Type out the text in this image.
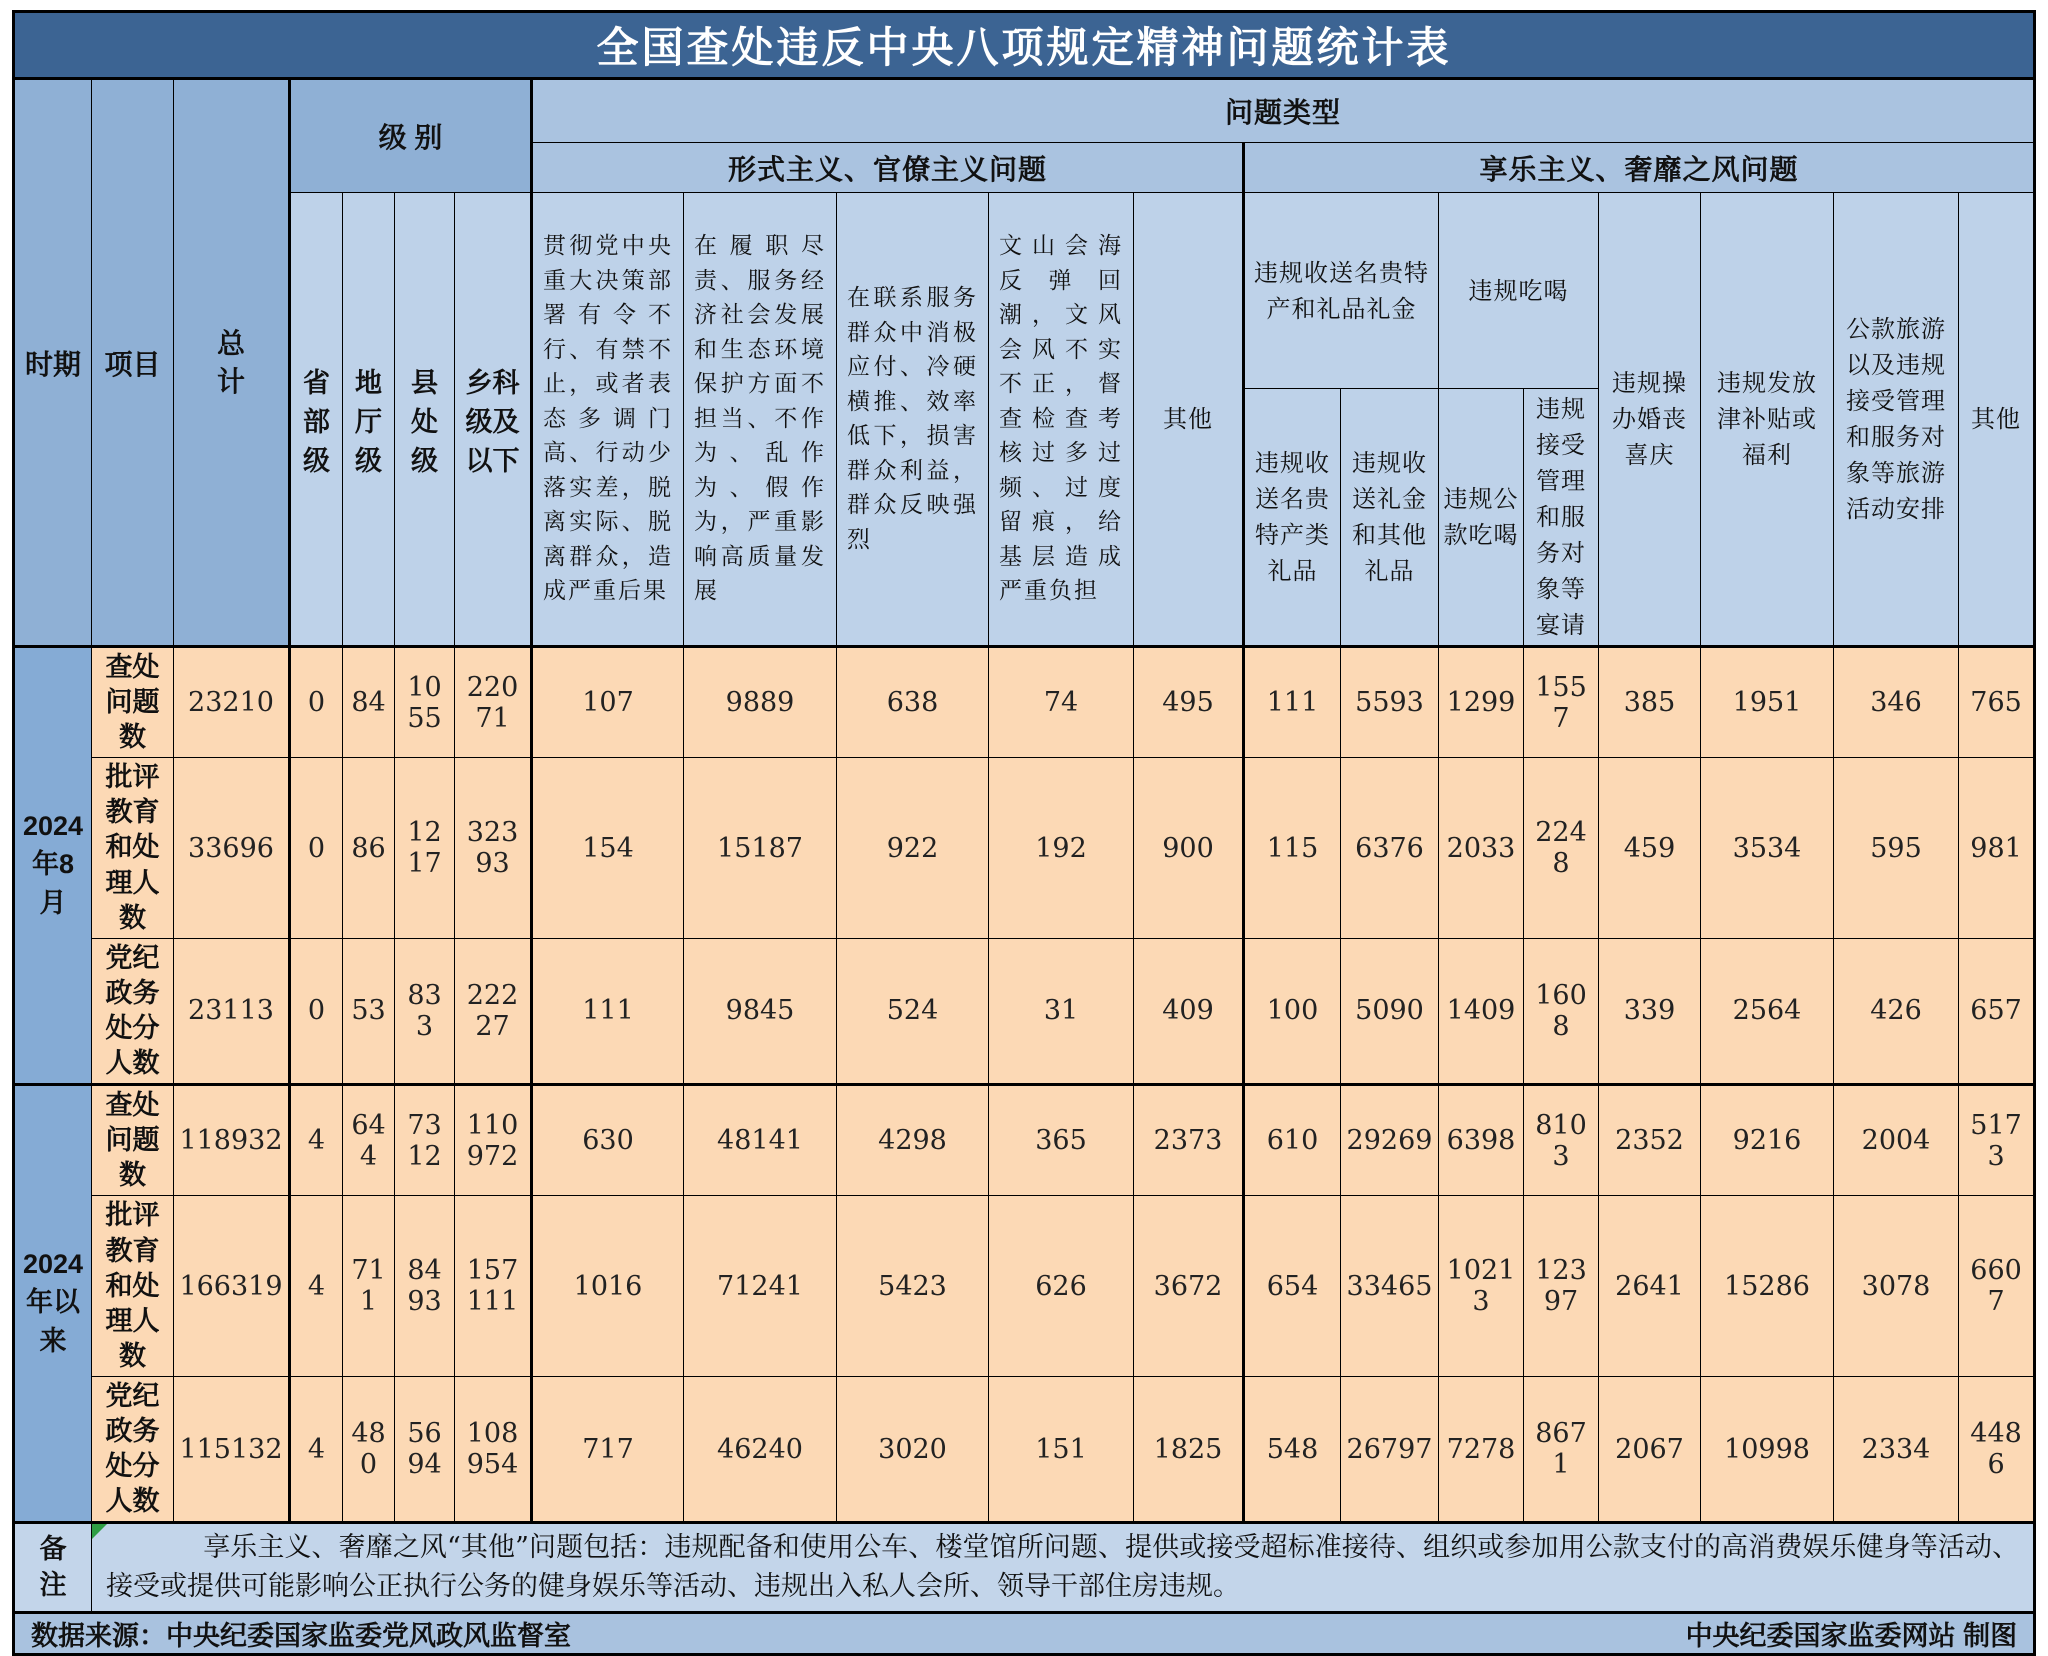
全国查处违反中央八项规定精神问题统计表																			
时期	项目	总计	级 别				问题类型												
							形式主义、官僚主义问题					享乐主义、奢靡之风问题							
			省部级	地厅级	县处级	乡科级及以下	贯彻党中央重大决策部署有令不行、有禁不止，或者表态多调门高、行动少落实差，脱离实际、脱离群众，造成严重后果	在履职尽责、服务经济社会发展和生态环境保护方面不担当、不作为、乱作为、假作为，严重影响高质量发展	在联系服务群众中消极应付、冷硬横推、效率低下，损害群众利益，群众反映强烈	文山会海反弹回潮，文风会风不实不正，督查检查考核过多过频、过度留痕，给基层造成严重负担	其他	违规收送名贵特产和礼品礼金		违规吃喝		违规操办婚丧喜庆	违规发放津补贴或福利	公款旅游以及违规接受管理和服务对象等旅游活动安排	其他
												违规收送名贵特产类礼品	违规收送礼金和其他礼品	违规公款吃喝	违规接受管理和服务对象等宴请				
2024年8月	查处问题数	23210	0	84	1055	22071	107	9889	638	74	495	111	5593	1299	1557	385	1951	346	765
	批评教育和处理人数	33696	0	86	1217	32393	154	15187	922	192	900	115	6376	2033	2248	459	3534	595	981
	党纪政务处分人数	23113	0	53	833	22227	111	9845	524	31	409	100	5090	1409	1608	339	2564	426	657
2024年以来	查处问题数	118932	4	644	7312	110972	630	48141	4298	365	2373	610	29269	6398	8103	2352	9216	2004	5173
	批评教育和处理人数	166319	4	711	8493	157111	1016	71241	5423	626	3672	654	33465	10213	12397	2641	15286	3078	6607
	党纪政务处分人数	115132	4	480	5694	108954	717	46240	3020	151	1825	548	26797	7278	8671	2067	10998	2334	4486
备注	享乐主义、奢靡之风“其他”问题包括：违规配备和使用公车、楼堂馆所问题、提供或接受超标准接待、组织或参加用公款支付的高消费娱乐健身等活动、接受或提供可能影响公正执行公务的健身娱乐等活动、违规出入私人会所、领导干部住房违规。																		

数据来源：中央纪委国家监委党风政风监督室 中央纪委国家监委网站 制图																			
